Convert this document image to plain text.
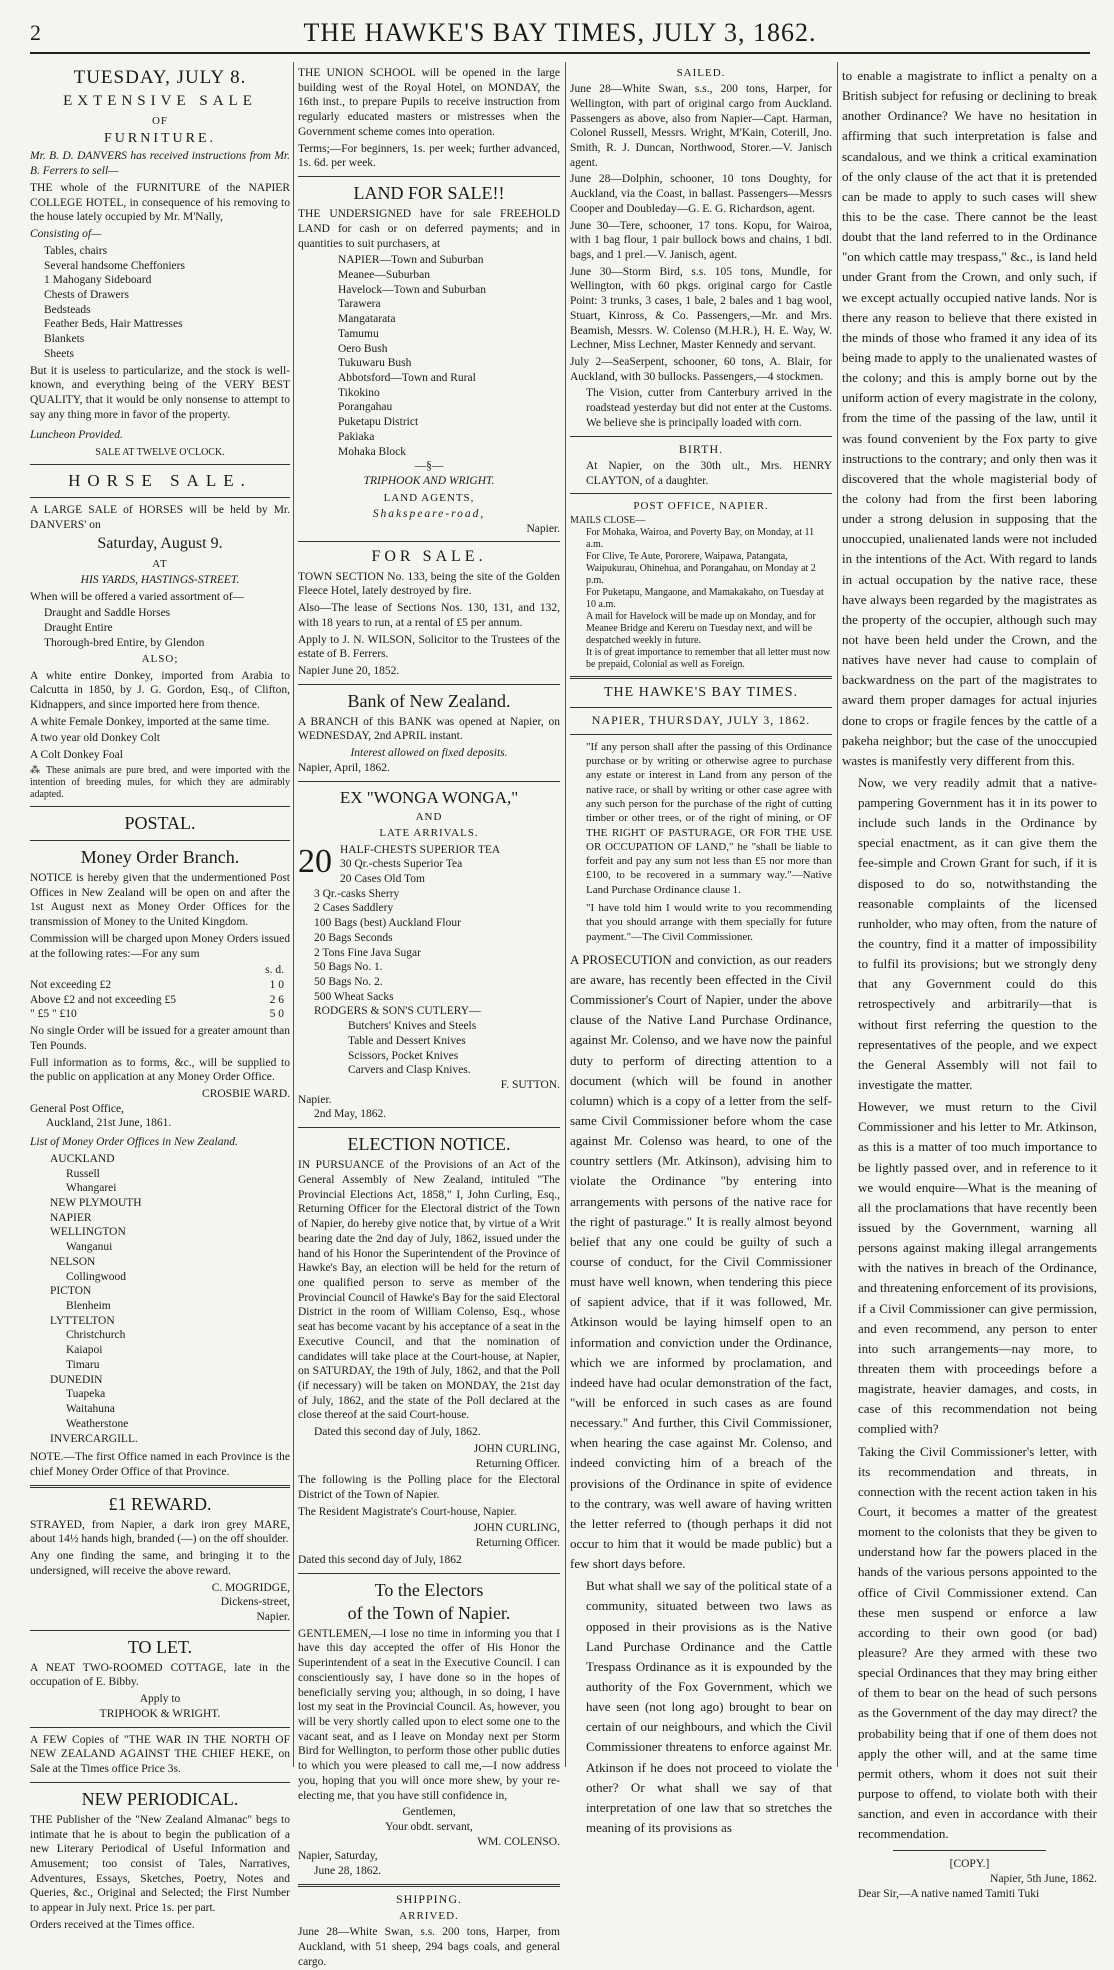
2	THE HAWKE'S BAY TIMES, JULY 3, 1862.
TUESDAY, JULY 8.
EXTENSIVE SALE
OF
FURNITURE.
Mr. B. D. DANVERS has received instructions from Mr. B. Ferrers to sell—
THE whole of the FURNITURE of the NAPIER COLLEGE HOTEL, in consequence of his removing to the house lately occupied by Mr. M'Nally,
Consisting of—
Tables, chairs
Several handsome Cheffoniers
1 Mahogany Sideboard
Chests of Drawers
Bedsteads
Feather Beds, Hair Mattresses
Blankets
Sheets
But it is useless to particularize, and the stock is well-known, and everything being of the VERY BEST QUALITY, that it would be only nonsense to attempt to say any thing more in favor of the property.
Luncheon Provided.
SALE AT TWELVE O'CLOCK.
HORSE SALE.
A LARGE SALE of HORSES will be held by Mr. DANVERS' on
Saturday, August 9.
AT
HIS YARDS, HASTINGS-STREET.
When will be offered a varied assortment of—
Draught and Saddle Horses
Draught Entire
Thorough-bred Entire, by Glendon
ALSO;
A white entire Donkey, imported from Arabia to Calcutta in 1850, by J. G. Gordon, Esq., of Clifton, Kidnappers, and since imported here from thence.
A white Female Donkey, imported at the same time.
A two year old Donkey Colt
A Colt Donkey Foal
⁂ These animals are pure bred, and were imported with the intention of breeding mules, for which they are admirably adapted.
POSTAL.
Money Order Branch.
NOTICE is hereby given that the undermentioned Post Offices in New Zealand will be open on and after the 1st August next as Money Order Offices for the transmission of Money to the United Kingdom.
Commission will be charged upon Money Orders issued at the following rates:—For any sum
s. d.
Not exceeding £2	1 0
Above £2 and not exceeding £5	2 6
" £5 " £10	5 0
No single Order will be issued for a greater amount than Ten Pounds.
Full information as to forms, &c., will be supplied to the public on application at any Money Order Office.
CROSBIE WARD.
General Post Office,
Auckland, 21st June, 1861.
List of Money Order Offices in New Zealand.
AUCKLAND
Russell
Whangarei
NEW PLYMOUTH
NAPIER
WELLINGTON
Wanganui
NELSON
Collingwood
PICTON
Blenheim
LYTTELTON
Christchurch
Kaiapoi
Timaru
DUNEDIN
Tuapeka
Waitahuna
Weatherstone
INVERCARGILL.
NOTE.—The first Office named in each Province is the chief Money Order Office of that Province.
£1 REWARD.
STRAYED, from Napier, a dark iron grey MARE, about 14½ hands high, branded (—) on the off shoulder.
Any one finding the same, and bringing it to the undersigned, will receive the above reward.
C. MOGRIDGE,
Dickens-street,
Napier.
TO LET.
A NEAT TWO-ROOMED COTTAGE, late in the occupation of E. Bibby.
Apply to
TRIPHOOK & WRIGHT.
A FEW Copies of "THE WAR IN THE NORTH OF NEW ZEALAND AGAINST THE CHIEF HEKE, on Sale at the Times office Price 3s.
NEW PERIODICAL.
THE Publisher of the "New Zealand Almanac" begs to intimate that he is about to begin the publication of a new Literary Periodical of Useful Information and Amusement; too consist of Tales, Narratives, Adventures, Essays, Sketches, Poetry, Notes and Queries, &c., Original and Selected; the First Number to appear in July next. Price 1s. per part.
Orders received at the Times office.
THE UNION SCHOOL will be opened in the large building west of the Royal Hotel, on MONDAY, the 16th inst., to prepare Pupils to receive instruction from regularly educated masters or mistresses when the Government scheme comes into operation.
Terms;—For beginners, 1s. per week; further advanced, 1s. 6d. per week.
LAND FOR SALE!!
THE UNDERSIGNED have for sale FREEHOLD LAND for cash or on deferred payments; and in quantities to suit purchasers, at
NAPIER—Town and Suburban
Meanee—Suburban
Havelock—Town and Suburban
Tarawera
Mangatarata
Tamumu
Oero Bush
Tukuwaru Bush
Abbotsford—Town and Rural
Tikokino
Porangahau
Puketapu District
Pakiaka
Mohaka Block
—§—
TRIPHOOK AND WRIGHT.
LAND AGENTS,
Shakspeare-road,
Napier.
FOR SALE.
TOWN SECTION No. 133, being the site of the Golden Fleece Hotel, lately destroyed by fire.
Also—The lease of Sections Nos. 130, 131, and 132, with 18 years to run, at a rental of £5 per annum.
Apply to J. N. WILSON, Solicitor to the Trustees of the estate of B. Ferrers.
Napier June 20, 1852.
Bank of New Zealand.
A BRANCH of this BANK was opened at Napier, on WEDNESDAY, 2nd APRIL instant.
Interest allowed on fixed deposits.
Napier, April, 1862.
EX "WONGA WONGA,"
AND
LATE ARRIVALS.
20 HALF-CHESTS SUPERIOR TEA
30 Qr.-chests Superior Tea
20 Cases Old Tom
3 Qr.-casks Sherry
2 Cases Saddlery
100 Bags (best) Auckland Flour
20 Bags Seconds
2 Tons Fine Java Sugar
50 Bags No. 1.
50 Bags No. 2.
500 Wheat Sacks
RODGERS & SON'S CUTLERY—
Butchers' Knives and Steels
Table and Dessert Knives
Scissors, Pocket Knives
Carvers and Clasp Knives.
F. SUTTON.
Napier.
2nd May, 1862.
ELECTION NOTICE.
IN PURSUANCE of the Provisions of an Act of the General Assembly of New Zealand, intituled "The Provincial Elections Act, 1858," I, John Curling, Esq., Returning Officer for the Electoral district of the Town of Napier, do hereby give notice that, by virtue of a Writ bearing date the 2nd day of July, 1862, issued under the hand of his Honor the Superintendent of the Province of Hawke's Bay, an election will be held for the return of one qualified person to serve as member of the Provincial Council of Hawke's Bay for the said Electoral District in the room of William Colenso, Esq., whose seat has become vacant by his acceptance of a seat in the Executive Council, and that the nomination of candidates will take place at the Court-house, at Napier, on SATURDAY, the 19th of July, 1862, and that the Poll (if necessary) will be taken on MONDAY, the 21st day of July, 1862, and the state of the Poll declared at the close thereof at the said Court-house.
Dated this second day of July, 1862.
JOHN CURLING,
Returning Officer.
The following is the Polling place for the Electoral District of the Town of Napier.
The Resident Magistrate's Court-house, Napier.
JOHN CURLING,
Returning Officer.
Dated this second day of July, 1862
To the Electors
of the Town of Napier.
GENTLEMEN,—I lose no time in informing you that I have this day accepted the offer of His Honor the Superintendent of a seat in the Executive Council. I can conscientiously say, I have done so in the hopes of beneficially serving you; although, in so doing, I have lost my seat in the Provincial Council. As, however, you will be very shortly called upon to elect some one to the vacant seat, and as I leave on Monday next per Storm Bird for Wellington, to perform those other public duties to which you were pleased to call me,—I now address you, hoping that you will once more shew, by your re-electing me, that you have still confidence in,
Gentlemen,
Your obdt. servant,
WM. COLENSO.
Napier, Saturday,
June 28, 1862.
SHIPPING.
ARRIVED.
June 28—White Swan, s.s. 200 tons, Harper, from Auckland, with 51 sheep, 294 bags coals, and general cargo.
SAILED.
June 28—White Swan, s.s., 200 tons, Harper, for Wellington, with part of original cargo from Auckland. Passengers as above, also from Napier—Capt. Harman, Colonel Russell, Messrs. Wright, M'Kain, Coterill, Jno. Smith, R. J. Duncan, Northwood, Storer.—V. Janisch agent.
June 28—Dolphin, schooner, 10 tons Doughty, for Auckland, via the Coast, in ballast. Passengers—Messrs Cooper and Doubleday—G. E. G. Richardson, agent.
June 30—Tere, schooner, 17 tons. Kopu, for Wairoa, with 1 bag flour, 1 pair bullock bows and chains, 1 bdl. bags, and 1 prel.—V. Janisch, agent.
June 30—Storm Bird, s.s. 105 tons, Mundle, for Wellington, with 60 pkgs. original cargo for Castle Point: 3 trunks, 3 cases, 1 bale, 2 bales and 1 bag wool, Stuart, Kinross, & Co. Passengers,—Mr. and Mrs. Beamish, Messrs. W. Colenso (M.H.R.), H. E. Way, W. Lechner, Miss Lechner, Master Kennedy and servant.
July 2—SeaSerpent, schooner, 60 tons, A. Blair, for Auckland, with 30 bullocks. Passengers,—4 stockmen.
The Vision, cutter from Canterbury arrived in the roadstead yesterday but did not enter at the Customs. We believe she is principally loaded with corn.
BIRTH.
At Napier, on the 30th ult., Mrs. HENRY CLAYTON, of a daughter.
POST OFFICE, NAPIER.
MAILS CLOSE—
For Mohaka, Wairoa, and Poverty Bay, on Monday, at 11 a.m.
For Clive, Te Aute, Pororere, Waipawa, Patangata, Waipukurau, Ohinehua, and Porangahau, on Monday at 2 p.m.
For Puketapu, Mangaone, and Mamakakaho, on Tuesday at 10 a.m.
A mail for Havelock will be made up on Monday, and for Meanee Bridge and Kereru on Tuesday next, and will be despatched weekly in future.
It is of great importance to remember that all letter must now be prepaid, Colonial as well as Foreign.
THE HAWKE'S BAY TIMES.
NAPIER, THURSDAY, JULY 3, 1862.
"If any person shall after the passing of this Ordinance purchase or by writing or otherwise agree to purchase any estate or interest in Land from any person of the native race, or shall by writing or other case agree with any such person for the purchase of the right of cutting timber or other trees, or of the right of mining, or OF THE RIGHT OF PASTURAGE, OR FOR THE USE OR OCCUPATION OF LAND," he "shall be liable to forfeit and pay any sum not less than £5 nor more than £100, to be recovered in a summary way."—Native Land Purchase Ordinance clause 1.
"I have told him I would write to you recommending that you should arrange with them specially for future payment."—The Civil Commissioner.
A PROSECUTION and conviction, as our readers are aware, has recently been effected in the Civil Commissioner's Court of Napier, under the above clause of the Native Land Purchase Ordinance, against Mr. Colenso, and we have now the painful duty to perform of directing attention to a document (which will be found in another column) which is a copy of a letter from the self-same Civil Commissioner before whom the case against Mr. Colenso was heard, to one of the country settlers (Mr. Atkinson), advising him to violate the Ordinance "by entering into arrangements with persons of the native race for the right of pasturage." It is really almost beyond belief that any one could be guilty of such a course of conduct, for the Civil Commissioner must have well known, when tendering this piece of sapient advice, that if it was followed, Mr. Atkinson would be laying himself open to an information and conviction under the Ordinance, which we are informed by proclamation, and indeed have had ocular demonstration of the fact, "will be enforced in such cases as are found necessary." And further, this Civil Commissioner, when hearing the case against Mr. Colenso, and indeed convicting him of a breach of the provisions of the Ordinance in spite of evidence to the contrary, was well aware of having written the letter referred to (though perhaps it did not occur to him that it would be made public) but a few short days before.
But what shall we say of the political state of a community, situated between two laws as opposed in their provisions as is the Native Land Purchase Ordinance and the Cattle Trespass Ordinance as it is expounded by the authority of the Fox Government, which we have seen (not long ago) brought to bear on certain of our neighbours, and which the Civil Commissioner threatens to enforce against Mr. Atkinson if he does not proceed to violate the other? Or what shall we say of that interpretation of one law that so stretches the meaning of its provisions as
to enable a magistrate to inflict a penalty on a British subject for refusing or declining to break another Ordinance? We have no hesitation in affirming that such interpretation is false and scandalous, and we think a critical examination of the only clause of the act that it is pretended can be made to apply to such cases will shew this to be the case. There cannot be the least doubt that the land referred to in the Ordinance "on which cattle may trespass," &c., is land held under Grant from the Crown, and only such, if we except actually occupied native lands. Nor is there any reason to believe that there existed in the minds of those who framed it any idea of its being made to apply to the unalienated wastes of the colony; and this is amply borne out by the uniform action of every magistrate in the colony, from the time of the passing of the law, until it was found convenient by the Fox party to give instructions to the contrary; and only then was it discovered that the whole magisterial body of the colony had from the first been laboring under a strong delusion in supposing that the unoccupied, unalienated lands were not included in the intentions of the Act. With regard to lands in actual occupation by the native race, these have always been regarded by the magistrates as the property of the occupier, although such may not have been held under the Crown, and the natives have never had cause to complain of backwardness on the part of the magistrates to award them proper damages for actual injuries done to crops or fragile fences by the cattle of a pakeha neighbor; but the case of the unoccupied wastes is manifestly very different from this.
Now, we very readily admit that a native-pampering Government has it in its power to include such lands in the Ordinance by special enactment, as it can give them the fee-simple and Crown Grant for such, if it is disposed to do so, notwithstanding the reasonable complaints of the licensed runholder, who may often, from the nature of the country, find it a matter of impossibility to fulfil its provisions; but we strongly deny that any Government could do this retrospectively and arbitrarily—that is without first referring the question to the representatives of the people, and we expect the General Assembly will not fail to investigate the matter.
However, we must return to the Civil Commissioner and his letter to Mr. Atkinson, as this is a matter of too much importance to be lightly passed over, and in reference to it we would enquire—What is the meaning of all the proclamations that have recently been issued by the Government, warning all persons against making illegal arrangements with the natives in breach of the Ordinance, and threatening enforcement of its provisions, if a Civil Commissioner can give permission, and even recommend, any person to enter into such arrangements—nay more, to threaten them with proceedings before a magistrate, heavier damages, and costs, in case of this recommendation not being complied with?
Taking the Civil Commissioner's letter, with its recommendation and threats, in connection with the recent action taken in his Court, it becomes a matter of the greatest moment to the colonists that they be given to understand how far the powers placed in the hands of the various persons appointed to the office of Civil Commissioner extend. Can these men suspend or enforce a law according to their own good (or bad) pleasure? Are they armed with these two special Ordinances that they may bring either of them to bear on the head of such persons as the Government of the day may direct? the probability being that if one of them does not apply the other will, and at the same time permit others, whom it does not suit their purpose to offend, to violate both with their sanction, and even in accordance with their recommendation.
[COPY.]
Napier, 5th June, 1862.
Dear Sir,—A native named Tamiti Tuki
